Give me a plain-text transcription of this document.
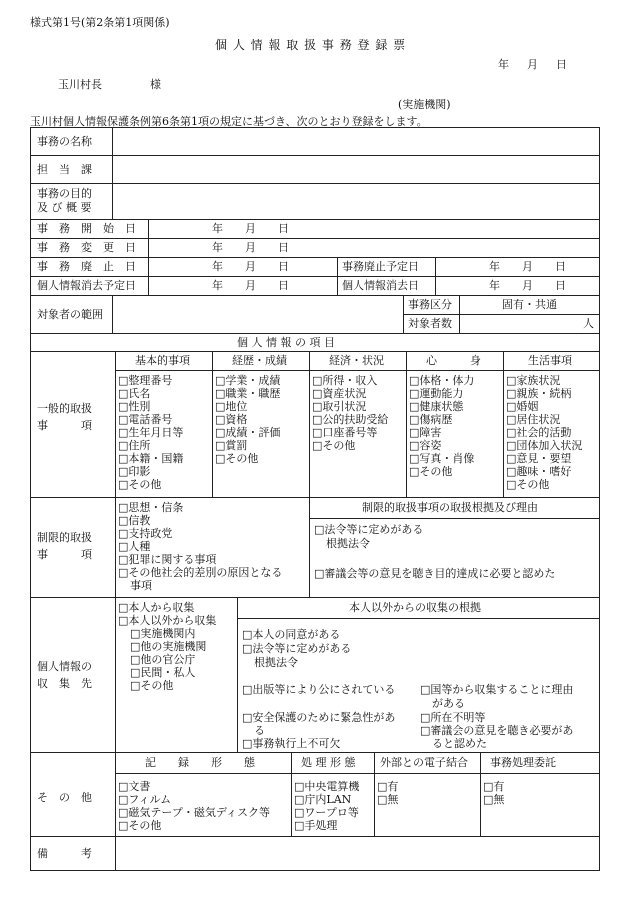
様式第1号(第2条第1項関係)
個 人 情 報 取 扱 事 務 登 録 票
年 　 月 　 日
玉川村長	様
(実施機関)
玉川村個人情報保護条例第6条第1項の規定に基づき、次のとおり登録をします。
事務の名称
担　当　課
事務の目的
及 び 概 要
事　務　開　始　日	年　　月　　日
事　務　変　更　日	年　　月　　日
事　務　廃　止　日	年　　月　　日	事務廃止予定日	年　　月　　日
個人情報消去予定日	年　　月　　日	個人情報消去日	年　　月　　日
対象者の範囲
事務区分	固有・共通
対象者数	人
個 人 情 報 の 項 目
一般的取扱
事　　　項
基本的事項	経歴・成績	経済・状況	心　　　身	生活事項
□ 整理番号
□ 氏名
□ 性別
□ 電話番号
□ 生年月日等
□ 住所
□ 本籍・国籍
□ 印影
□ その他
□ 学業・成績
□ 職業・職歴
□ 地位
□ 資格
□ 成績・評価
□ 賞罰
□ その他
□ 所得・収入
□ 資産状況
□ 取引状況
□ 公的扶助受給
□ 口座番号等
□ その他
□ 体格・体力
□ 運動能力
□ 健康状態
□ 傷病歴
□ 障害
□ 容姿
□ 写真・肖像
□ その他
□ 家族状況
□ 親族・続柄
□ 婚姻
□ 居住状況
□ 社会的活動
□ 団体加入状況
□ 意見・要望
□ 趣味・嗜好
□ その他
制限的取扱
事　　　項
□ 思想・信条
□ 信教
□ 支持政党
□ 人種
□ 犯罪に関する事項
□ その他社会的差別の原因となる
事項
制限的取扱事項の取扱根拠及び理由
□ 法令等に定めがある
根拠法令
□ 審議会等の意見を聴き目的達成に必要と認めた
個人情報の
収　集　先
□ 本人から収集
□ 本人以外から収集
□ 実施機関内
□ 他の実施機関
□ 他の官公庁
□ 民間・私人
□ その他
本人以外からの収集の根拠
□ 本人の同意がある
□ 法令等に定めがある
根拠法令
□ 出版等により公にされている
□	国等から収集することに理由
がある
□ 安全保護のために緊急性があ
る
□ 所在不明等
□ 審議会の意見を聴き必要があ
ると認めた
□ 事務執行上不可欠
そ　の　他
記　　録　　形　　態	処 理 形 態 外部との電子結合 事務処理委託
□ 文書
□ フィルム
□ 磁気テープ・磁気ディスク等
□ その他
□ 中央電算機
□ 庁内LAN
□ ワープロ等
□ 手処理
□ 有
□ 無
□ 有
□ 無
備　　　考
